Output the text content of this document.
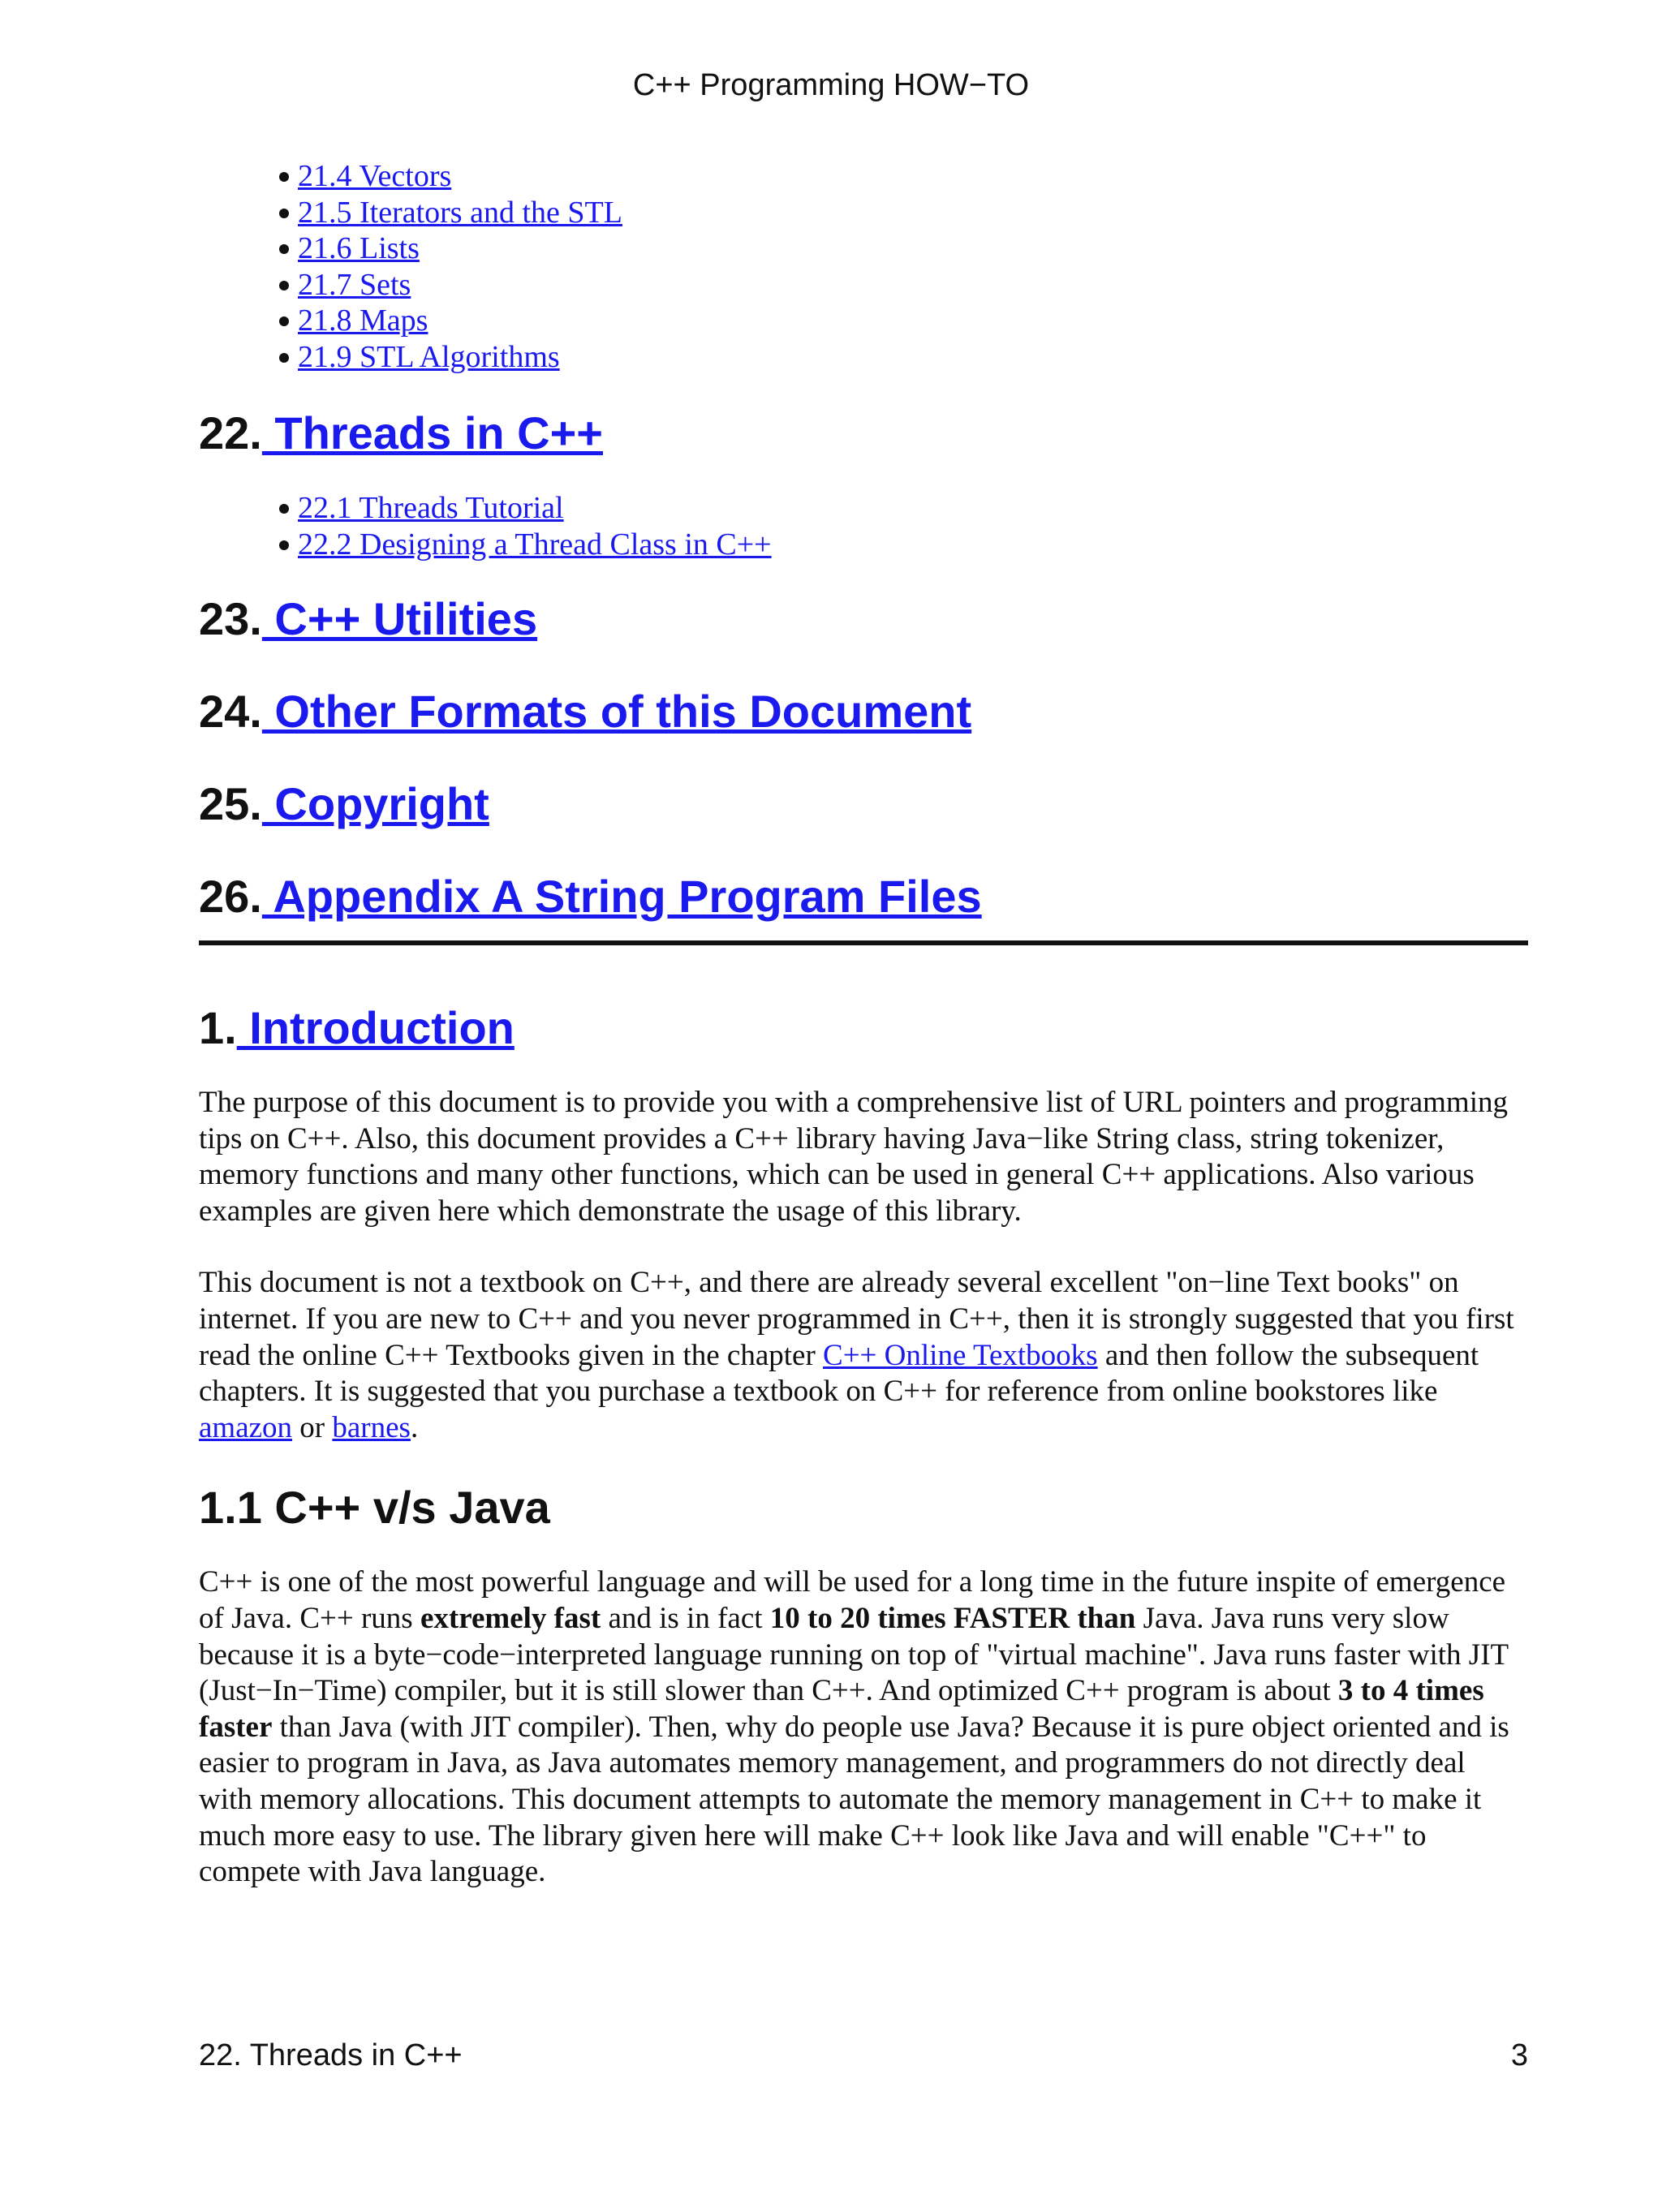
C++ Programming HOW−TO
21.4 Vectors
21.5 Iterators and the STL
21.6 Lists
21.7 Sets
21.8 Maps
21.9 STL Algorithms
22. Threads in C++
22.1 Threads Tutorial
22.2 Designing a Thread Class in C++
23. C++ Utilities
24. Other Formats of this Document
25. Copyright
26. Appendix A String Program Files
1. Introduction

The purpose of this document is to provide you with a comprehensive list of URL pointers and programming

tips on C++. Also, this document provides a C++ library having Java−like String class, string tokenizer,

memory functions and many other functions, which can be used in general C++ applications. Also various

examples are given here which demonstrate the usage of this library.

This document is not a textbook on C++, and there are already several excellent "on−line Text books" on

internet. If you are new to C++ and you never programmed in C++, then it is strongly suggested that you first

read the online C++ Textbooks given in the chapter C++ Online Textbooks and then follow the subsequent

chapters. It is suggested that you purchase a textbook on C++ for reference from online bookstores like

amazon or barnes.

1.1 C++ v/s Java

C++ is one of the most powerful language and will be used for a long time in the future inspite of emergence

of Java. C++ runs extremely fast and is in fact 10 to 20 times FASTER than Java. Java runs very slow

because it is a byte−code−interpreted language running on top of "virtual machine". Java runs faster with JIT

(Just−In−Time) compiler, but it is still slower than C++. And optimized C++ program is about 3 to 4 times

faster than Java (with JIT compiler). Then, why do people use Java? Because it is pure object oriented and is

easier to program in Java, as Java automates memory management, and programmers do not directly deal

with memory allocations. This document attempts to automate the memory management in C++ to make it

much more easy to use. The library given here will make C++ look like Java and will enable "C++" to

compete with Java language.

22. Threads in C++	3
